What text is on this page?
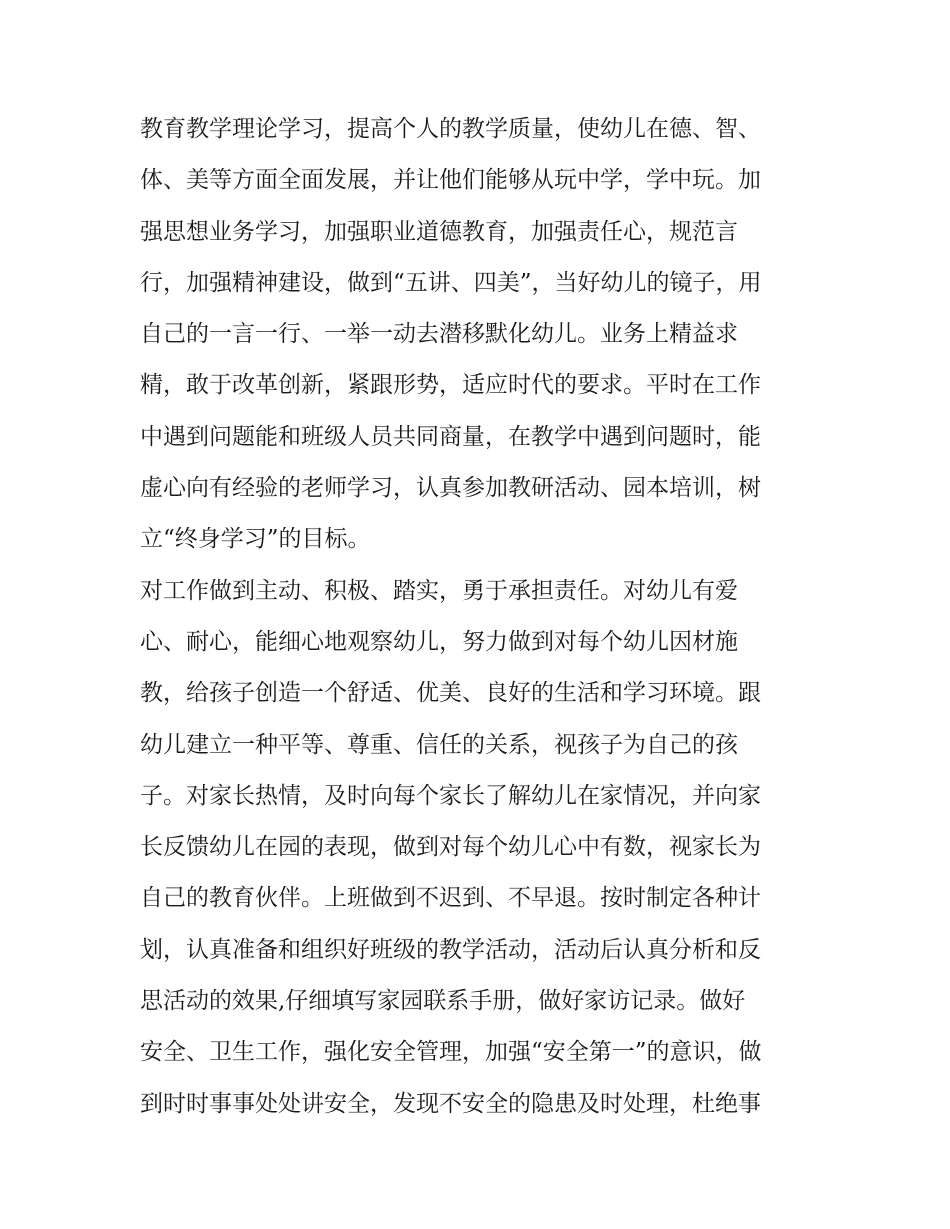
教育教学理论学习，提高个人的教学质量，使幼儿在德、智、
体、美等方面全面发展，并让他们能够从玩中学，学中玩。加
强思想业务学习，加强职业道德教育，加强责任心，规范言
行，加强精神建设，做到“五讲、四美”，当好幼儿的镜子，用
自己的一言一行、一举一动去潜移默化幼儿。业务上精益求
精，敢于改革创新，紧跟形势，适应时代的要求。平时在工作
中遇到问题能和班级人员共同商量，在教学中遇到问题时，能
虚心向有经验的老师学习，认真参加教研活动、园本培训，树
立“终身学习”的目标。
对工作做到主动、积极、踏实，勇于承担责任。对幼儿有爱
心、耐心，能细心地观察幼儿，努力做到对每个幼儿因材施
教，给孩子创造一个舒适、优美、良好的生活和学习环境。跟
幼儿建立一种平等、尊重、信任的关系，视孩子为自己的孩
子。对家长热情，及时向每个家长了解幼儿在家情况，并向家
长反馈幼儿在园的表现，做到对每个幼儿心中有数，视家长为
自己的教育伙伴。上班做到不迟到、不早退。按时制定各种计
划，认真准备和组织好班级的教学活动，活动后认真分析和反
思活动的效果,仔细填写家园联系手册，做好家访记录。做好
安全、卫生工作，强化安全管理，加强“安全第一”的意识，做
到时时事事处处讲安全，发现不安全的隐患及时处理，杜绝事
